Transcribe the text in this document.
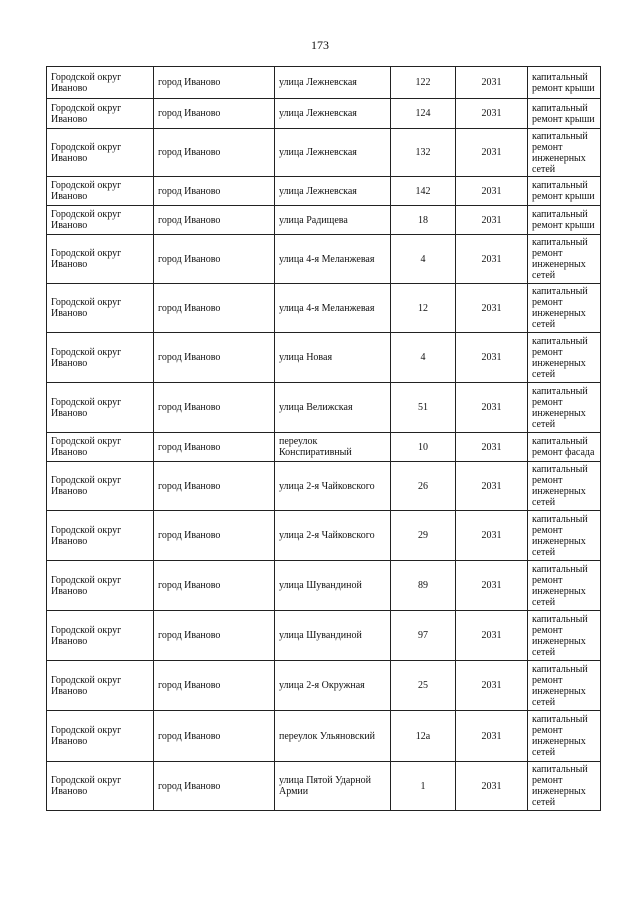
173
Городской округ Иваново	город Иваново	улица Лежневская	122	2031	капитальный ремонт крыши
Городской округ Иваново	город Иваново	улица Лежневская	124	2031	капитальный ремонт крыши
Городской округ Иваново	город Иваново	улица Лежневская	132	2031	капитальный ремонт инженерных сетей
Городской округ Иваново	город Иваново	улица Лежневская	142	2031	капитальный ремонт крыши
Городской округ Иваново	город Иваново	улица Радищева	18	2031	капитальный ремонт крыши
Городской округ Иваново	город Иваново	улица 4-я Меланжевая	4	2031	капитальный ремонт инженерных сетей
Городской округ Иваново	город Иваново	улица 4-я Меланжевая	12	2031	капитальный ремонт инженерных сетей
Городской округ Иваново	город Иваново	улица Новая	4	2031	капитальный ремонт инженерных сетей
Городской округ Иваново	город Иваново	улица Велижская	51	2031	капитальный ремонт инженерных сетей
Городской округ Иваново	город Иваново	переулок Конспиративный	10	2031	капитальный ремонт фасада
Городской округ Иваново	город Иваново	улица 2-я Чайковского	26	2031	капитальный ремонт инженерных сетей
Городской округ Иваново	город Иваново	улица 2-я Чайковского	29	2031	капитальный ремонт инженерных сетей
Городской округ Иваново	город Иваново	улица Шувандиной	89	2031	капитальный ремонт инженерных сетей
Городской округ Иваново	город Иваново	улица Шувандиной	97	2031	капитальный ремонт инженерных сетей
Городской округ Иваново	город Иваново	улица 2-я Окружная	25	2031	капитальный ремонт инженерных сетей
Городской округ Иваново	город Иваново	переулок Ульяновский	12а	2031	капитальный ремонт инженерных сетей
Городской округ Иваново	город Иваново	улица Пятой Ударной Армии	1	2031	капитальный ремонт инженерных сетей
